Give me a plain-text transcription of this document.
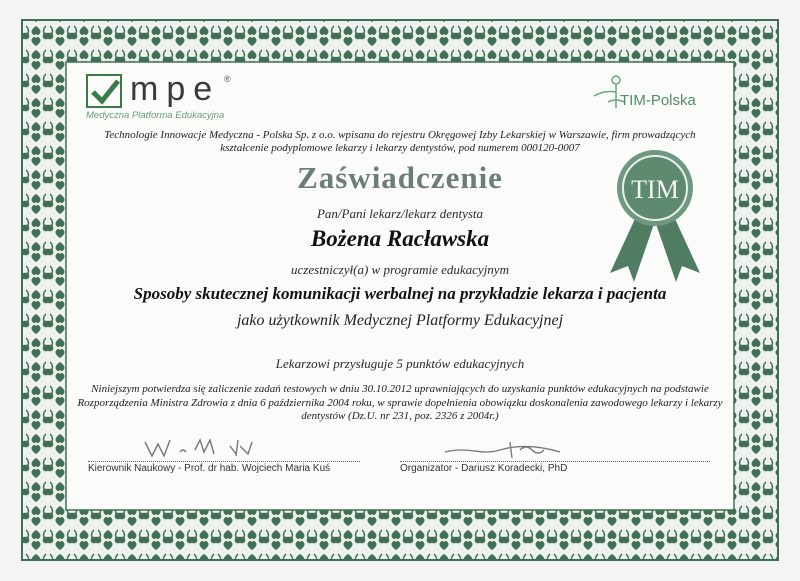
mpe ®
Medyczna Platforma Edukacyjna
TIM-Polska
Technologie Innowacje Medyczna - Polska Sp. z o.o. wpisana do rejestru Okręgowej Izby Lekarskiej w Warszawie, firm prowadzących kształcenie podyplomowe lekarzy i lekarzy dentystów, pod numerem 000120-0007
Zaświadczenie
Pan/Pani lekarz/lekarz dentysta
Bożena Racławska
uczestniczył(a) w programie edukacyjnym
Sposoby skutecznej komunikacji werbalnej na przykładzie lekarza i pacjenta
jako użytkownik Medycznej Platformy Edukacyjnej
Lekarzowi przysługuje 5 punktów edukacyjnych
Niniejszym potwierdza się zaliczenie zadań testowych w dniu 30.10.2012 uprawniających do uzyskania punktów edukacyjnych na podstawie Rozporządzenia Ministra Zdrowia z dnia 6 października 2004 roku, w sprawie dopełnienia obowiązku doskonalenia zawodowego lekarzy i lekarzy dentystów (Dz.U. nr 231, poz. 2326 z 2004r.)
TIM
Kierownik Naukowy - Prof. dr hab. Wojciech Maria Kuś	Organizator - Dariusz Koradecki, PhD
